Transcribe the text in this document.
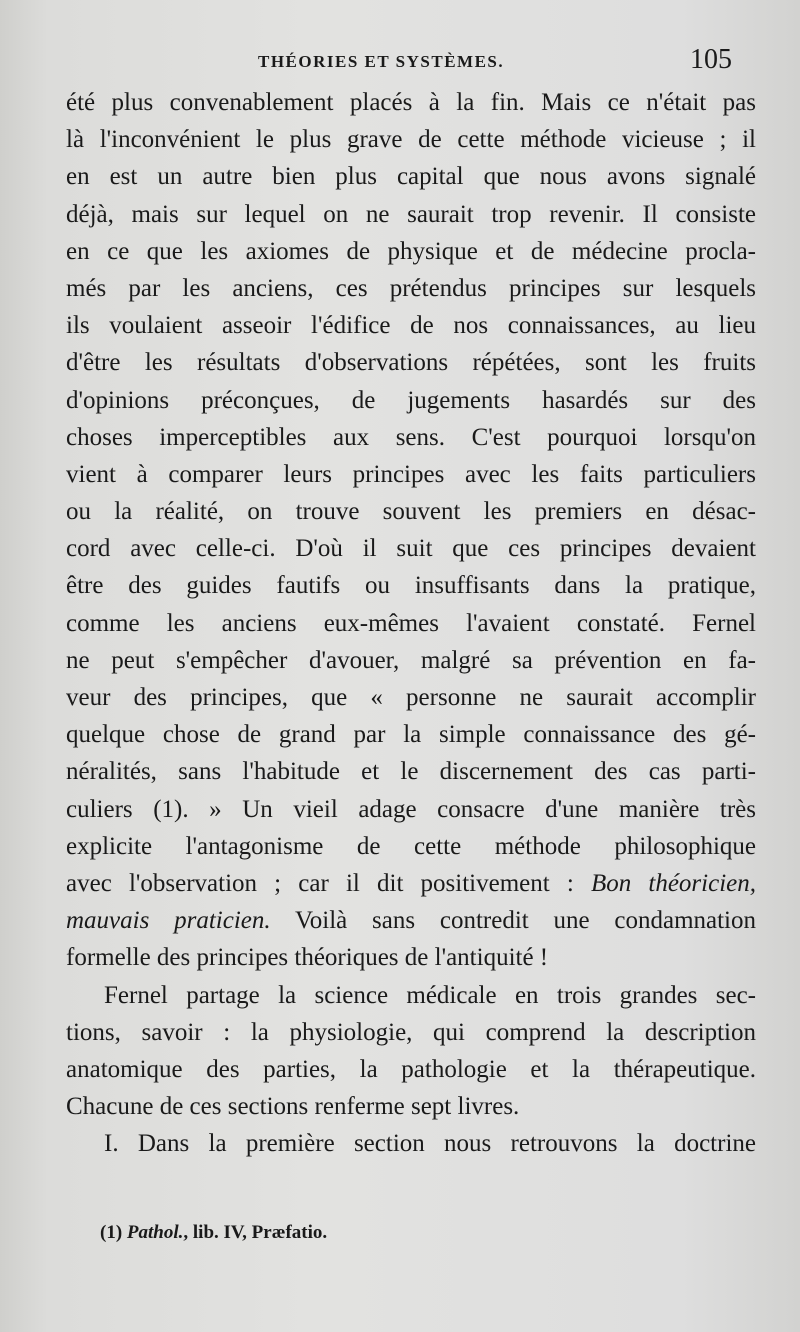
THÉORIES ET SYSTÈMES.	105
été plus convenablement placés à la fin. Mais ce n'était pas
là l'inconvénient le plus grave de cette méthode vicieuse ; il
en est un autre bien plus capital que nous avons signalé
déjà, mais sur lequel on ne saurait trop revenir. Il consiste
en ce que les axiomes de physique et de médecine procla-
més par les anciens, ces prétendus principes sur lesquels
ils voulaient asseoir l'édifice de nos connaissances, au lieu
d'être les résultats d'observations répétées, sont les fruits
d'opinions préconçues, de jugements hasardés sur des
choses imperceptibles aux sens. C'est pourquoi lorsqu'on
vient à comparer leurs principes avec les faits particuliers
ou la réalité, on trouve souvent les premiers en désac-
cord avec celle-ci. D'où il suit que ces principes devaient
être des guides fautifs ou insuffisants dans la pratique,
comme les anciens eux-mêmes l'avaient constaté. Fernel
ne peut s'empêcher d'avouer, malgré sa prévention en fa-
veur des principes, que « personne ne saurait accomplir
quelque chose de grand par la simple connaissance des gé-
néralités, sans l'habitude et le discernement des cas parti-
culiers (1). » Un vieil adage consacre d'une manière très
explicite l'antagonisme de cette méthode philosophique
avec l'observation ; car il dit positivement : Bon théoricien,
mauvais praticien. Voilà sans contredit une condamnation
formelle des principes théoriques de l'antiquité !
Fernel partage la science médicale en trois grandes sec-
tions, savoir : la physiologie, qui comprend la description
anatomique des parties, la pathologie et la thérapeutique.
Chacune de ces sections renferme sept livres.
I. Dans la première section nous retrouvons la doctrine
(1) Pathol., lib. IV, Præfatio.
